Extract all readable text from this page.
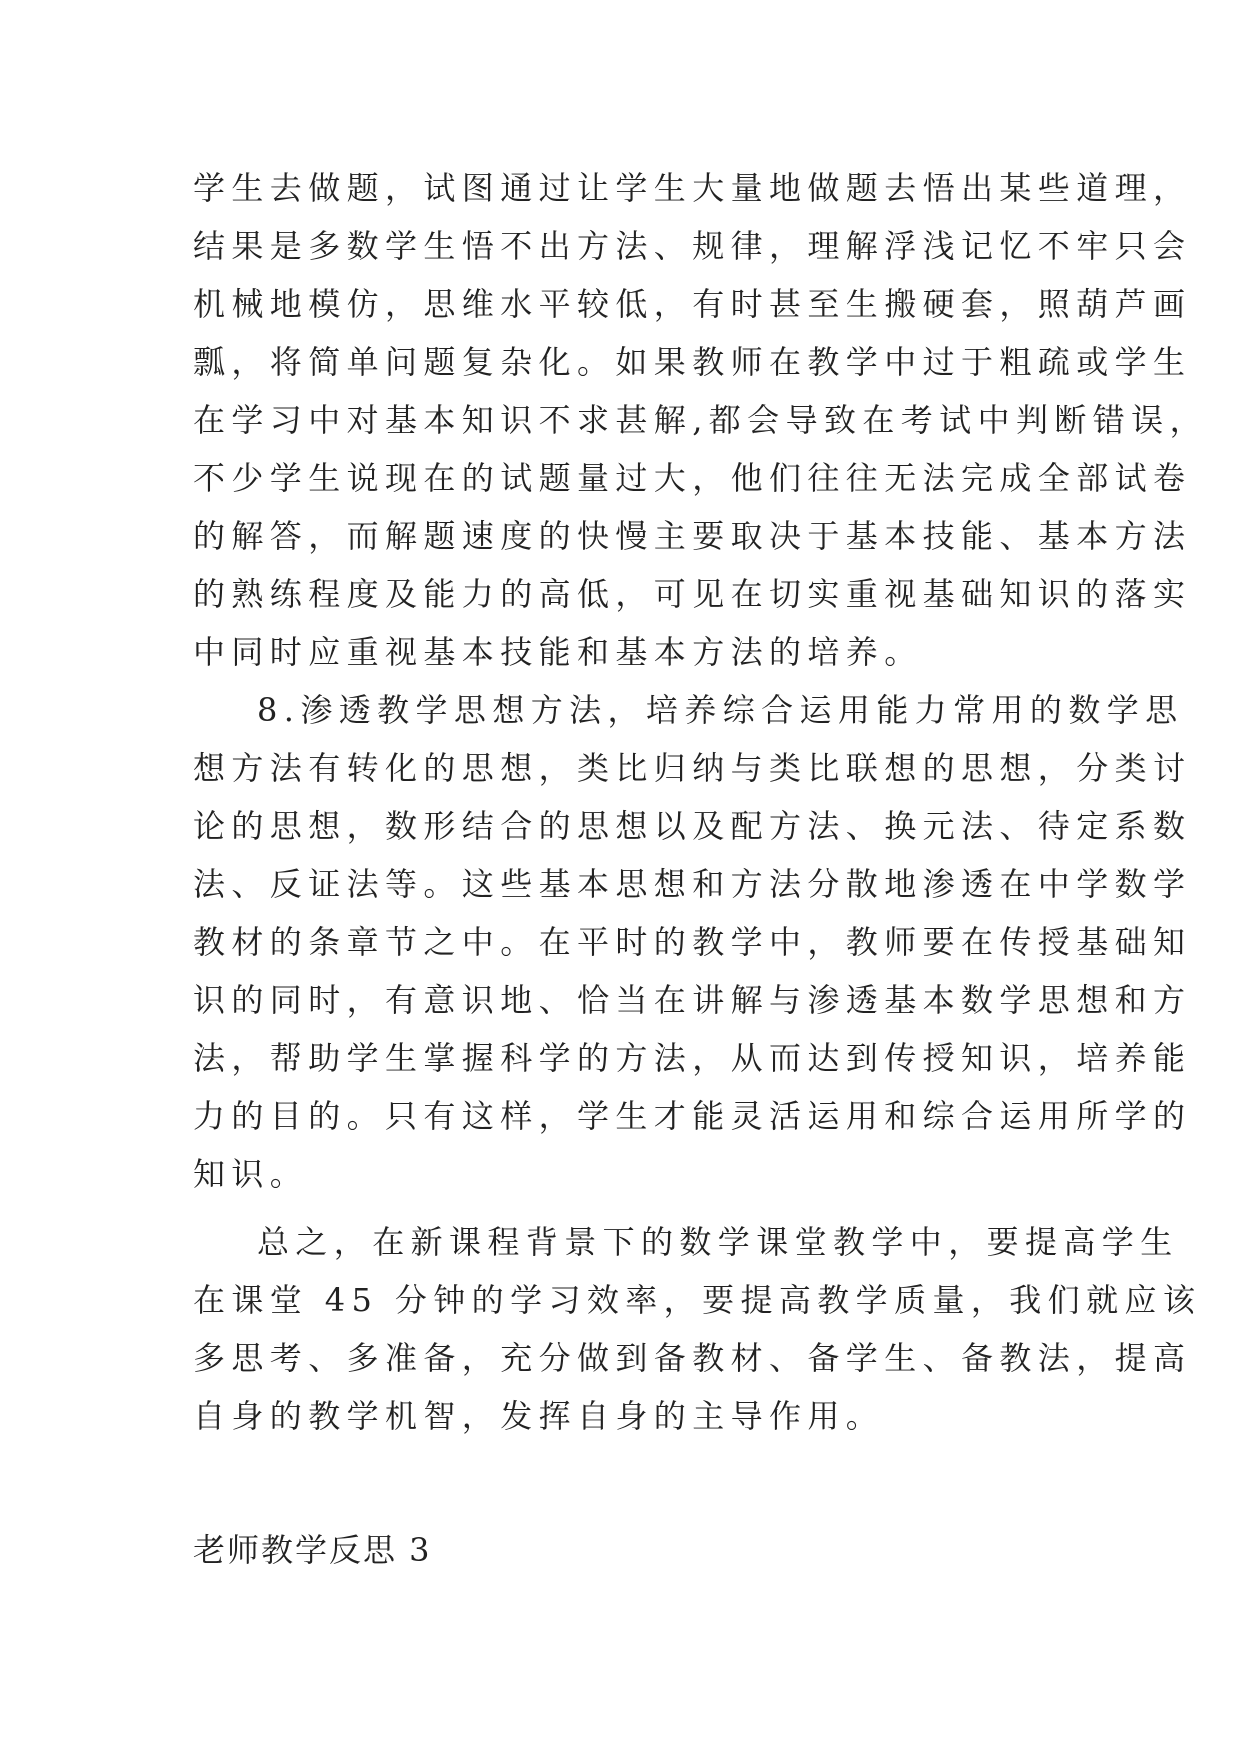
学生去做题，试图通过让学生大量地做题去悟出某些道理，
结果是多数学生悟不出方法、规律，理解浮浅记忆不牢只会
机械地模仿，思维水平较低，有时甚至生搬硬套，照葫芦画
瓢，将简单问题复杂化。如果教师在教学中过于粗疏或学生
在学习中对基本知识不求甚解,都会导致在考试中判断错误，
不少学生说现在的试题量过大，他们往往无法完成全部试卷
的解答，而解题速度的快慢主要取决于基本技能、基本方法
的熟练程度及能力的高低，可见在切实重视基础知识的落实
中同时应重视基本技能和基本方法的培养。
8.渗透教学思想方法，培养综合运用能力常用的数学思
想方法有转化的思想，类比归纳与类比联想的思想，分类讨
论的思想，数形结合的思想以及配方法、换元法、待定系数
法、反证法等。这些基本思想和方法分散地渗透在中学数学
教材的条章节之中。在平时的教学中，教师要在传授基础知
识的同时，有意识地、恰当在讲解与渗透基本数学思想和方
法，帮助学生掌握科学的方法，从而达到传授知识，培养能
力的目的。只有这样，学生才能灵活运用和综合运用所学的
知识。
总之，在新课程背景下的数学课堂教学中，要提高学生
在课堂 45 分钟的学习效率，要提高教学质量，我们就应该
多思考、多准备，充分做到备教材、备学生、备教法，提高
自身的教学机智，发挥自身的主导作用。
老师教学反思 3
